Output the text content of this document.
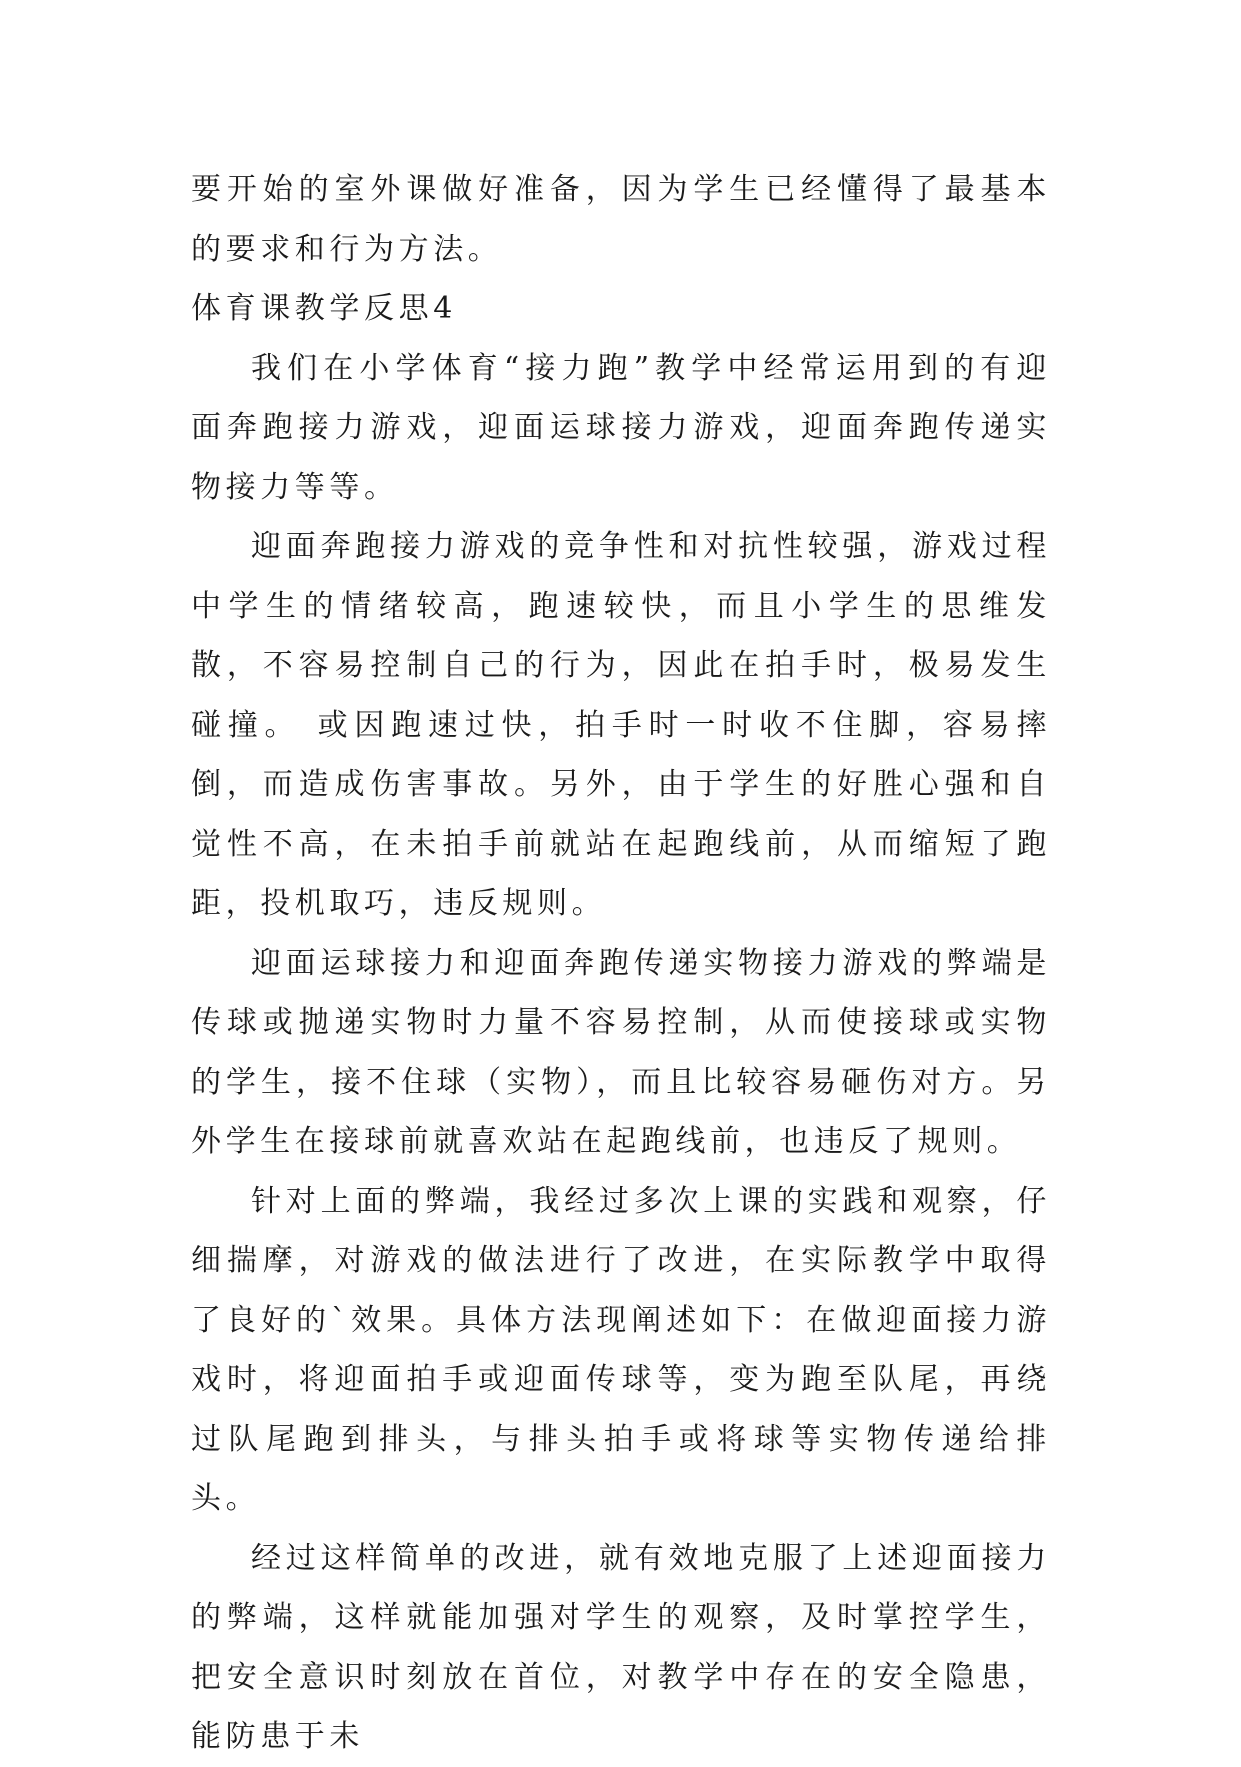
要开始的室外课做好准备，因为学生已经懂得了最基本的要求和行为方法。

体育课教学反思4

我们在小学体育“接力跑”教学中经常运用到的有迎面奔跑接力游戏，迎面运球接力游戏，迎面奔跑传递实物接力等等。

迎面奔跑接力游戏的竞争性和对抗性较强，游戏过程中学生的情绪较高，跑速较快，而且小学生的思维发散，不容易控制自己的行为，因此在拍手时，极易发生碰撞。 或因跑速过快，拍手时一时收不住脚，容易摔倒，而造成伤害事故。另外，由于学生的好胜心强和自觉性不高，在未拍手前就站在起跑线前，从而缩短了跑距，投机取巧，违反规则。

迎面运球接力和迎面奔跑传递实物接力游戏的弊端是传球或抛递实物时力量不容易控制，从而使接球或实物的学生，接不住球（实物），而且比较容易砸伤对方。另外学生在接球前就喜欢站在起跑线前，也违反了规则。

针对上面的弊端，我经过多次上课的实践和观察，仔细揣摩，对游戏的做法进行了改进，在实际教学中取得了良好的`效果。具体方法现阐述如下：在做迎面接力游戏时，将迎面拍手或迎面传球等，变为跑至队尾，再绕过队尾跑到排头，与排头拍手或将球等实物传递给排头。

经过这样简单的改进，就有效地克服了上述迎面接力的弊端，这样就能加强对学生的观察，及时掌控学生，把安全意识时刻放在首位，对教学中存在的安全隐患，能防患于未
